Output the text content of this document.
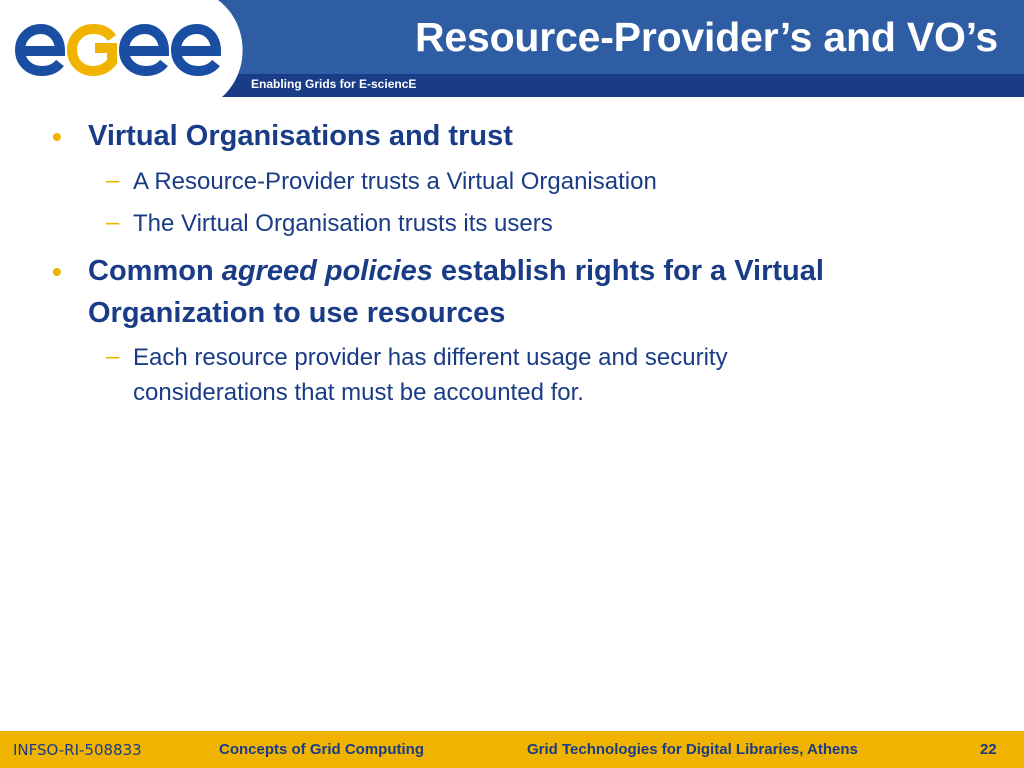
Resource-Provider’s and VO’s
Enabling Grids for E-sciencE
• Virtual Organisations and trust
– A Resource-Provider trusts a Virtual Organisation
– The Virtual Organisation trusts its users
• Common agreed policies establish rights for a Virtual
Organization to use resources
– Each resource provider has different usage and security
considerations that must be accounted for.
INFSO-RI-508833	Concepts of Grid Computing	Grid Technologies for Digital Libraries, Athens	22
